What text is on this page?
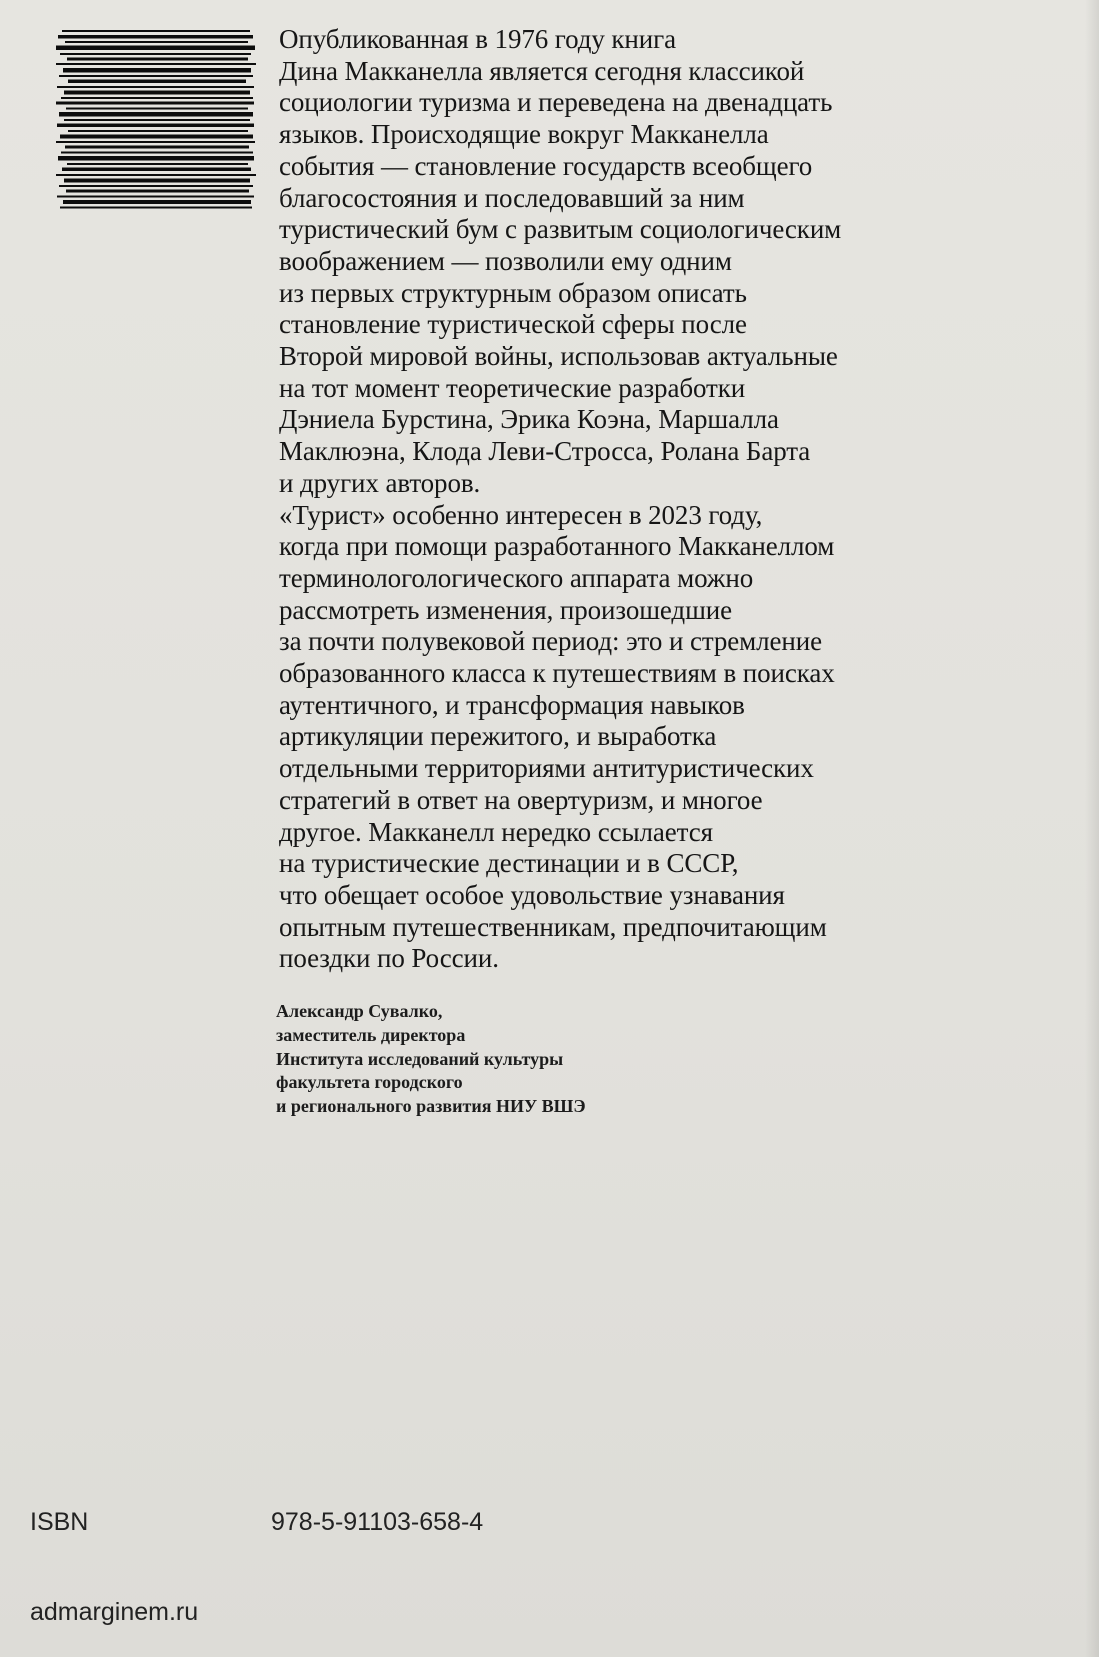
Опубликованная в 1976 году книга
Дина Макканелла является сегодня классикой
социологии туризма и переведена на двенадцать
языков. Происходящие вокруг Макканелла
события — становление государств всеобщего
благосостояния и последовавший за ним
туристический бум с развитым социологическим
воображением — позволили ему одним
из первых структурным образом описать
становление туристической сферы после
Второй мировой войны, использовав актуальные
на тот момент теоретические разработки
Дэниела Бурстина, Эрика Коэна, Маршалла
Маклюэна, Клода Леви-Стросса, Ролана Барта
и других авторов.
«Турист» особенно интересен в 2023 году,
когда при помощи разработанного Макканеллом
терминологологического аппарата можно
рассмотреть изменения, произошедшие
за почти полувековой период: это и стремление
образованного класса к путешествиям в поисках
аутентичного, и трансформация навыков
артикуляции пережитого, и выработка
отдельными территориями антитуристических
стратегий в ответ на овертуризм, и многое
другое. Макканелл нередко ссылается
на туристические дестинации и в СССР,
что обещает особое удовольствие узнавания
опытным путешественникам, предпочитающим
поездки по России.
Александр Сувалко,
заместитель директора
Института исследований культуры
факультета городского
и регионального развития НИУ ВШЭ
ISBN	978-5-91103-658-4
admarginem.ru
